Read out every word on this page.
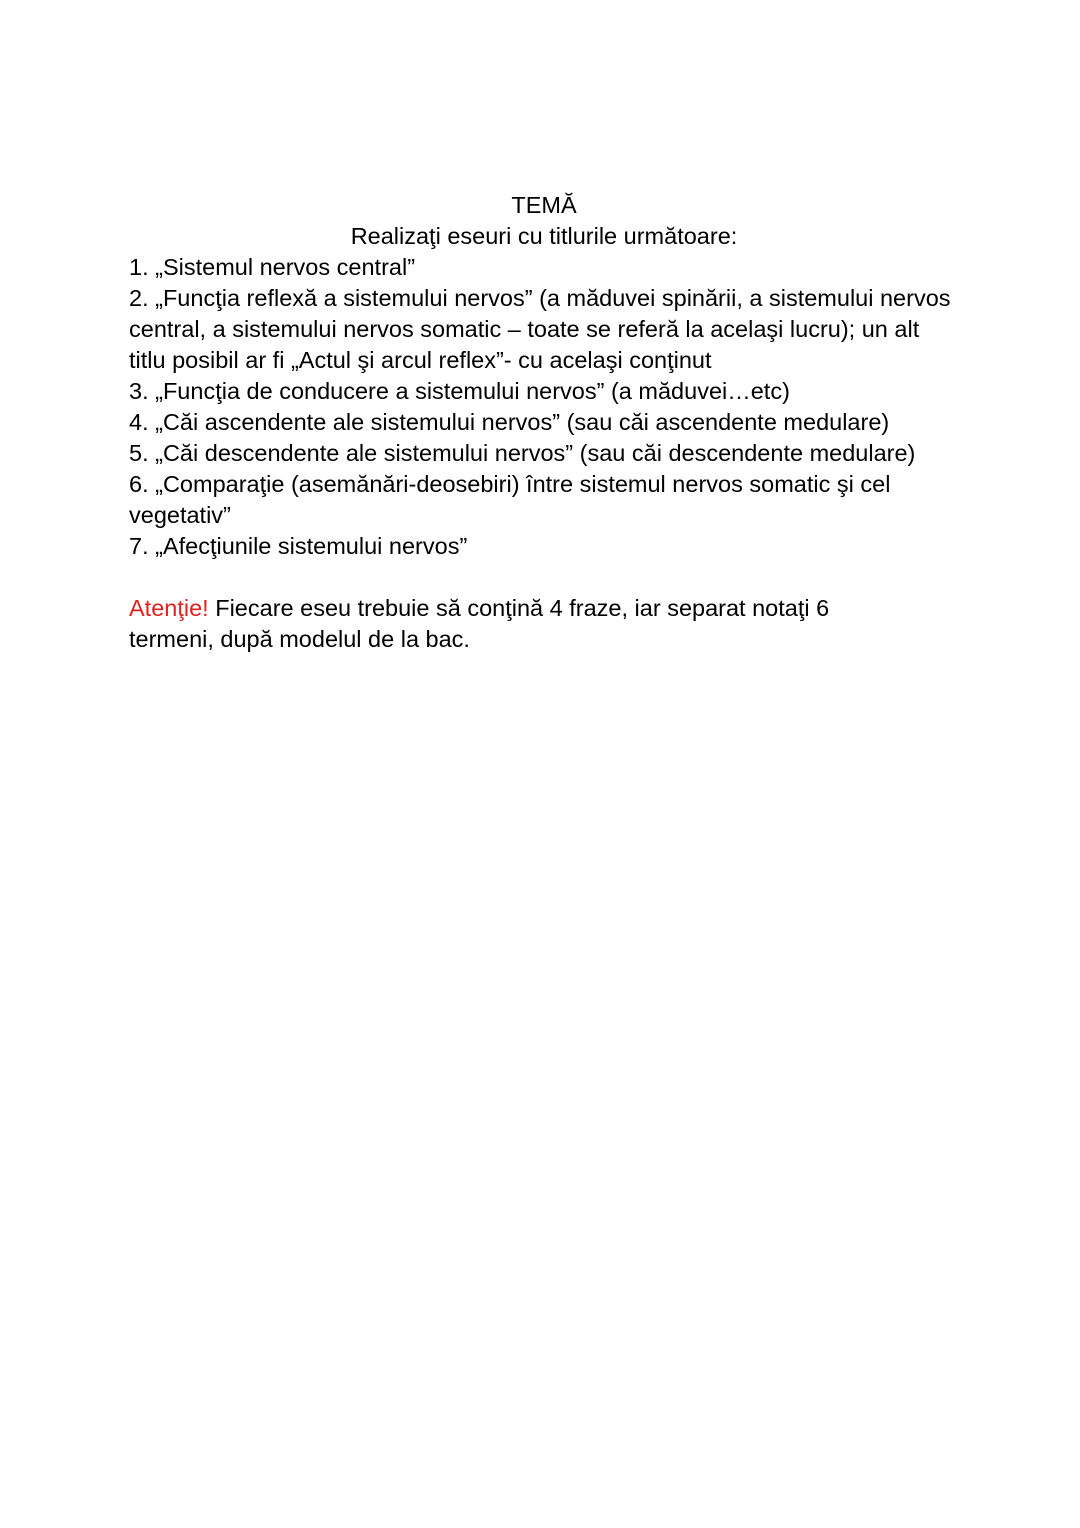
TEMĂ

Realizaţi eseuri cu titlurile următoare:

1. „Sistemul nervos central”

2. „Funcţia reflexă a sistemului nervos” (a măduvei spinării, a sistemului nervos central, a sistemului nervos somatic – toate se referă la acelaşi lucru); un alt titlu posibil ar fi „Actul şi arcul reflex”- cu acelaşi conţinut

3. „Funcţia de conducere a sistemului nervos” (a măduvei…etc)

4. „Căi ascendente ale sistemului nervos” (sau căi ascendente medulare)

5. „Căi descendente ale sistemului nervos” (sau căi descendente medulare)

6. „Comparaţie (asemănări-deosebiri) între sistemul nervos somatic şi cel vegetativ”

7. „Afecţiunile sistemului nervos”

Atenţie! Fiecare eseu trebuie să conţină 4 fraze, iar separat notaţi 6 termeni, după modelul de la bac.
